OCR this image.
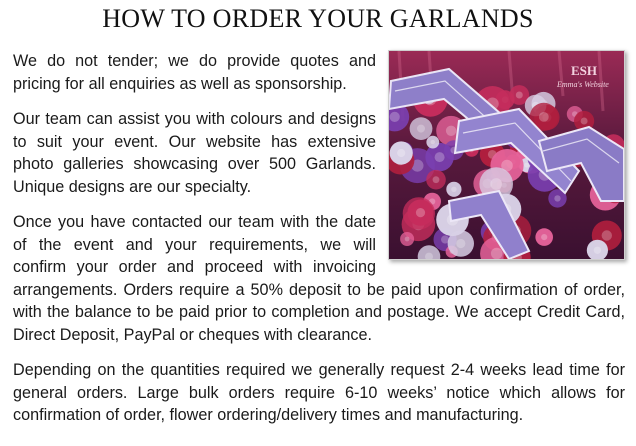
HOW TO ORDER YOUR GARLANDS
ESH
Emma's Website

We do not tender; we do provide quotes and pricing for all enquiries as well as sponsorship.

Our team can assist you with colours and designs to suit your event. Our website has extensive photo galleries showcasing over 500 Garlands. Unique designs are our specialty.

Once you have contacted our team with the date of the event and your requirements, we will confirm your order and proceed with invoicing arrangements. Orders require a 50% deposit to be paid upon confirmation of order, with the balance to be paid prior to completion and postage. We accept Credit Card, Direct Deposit, PayPal or cheques with clearance.

Depending on the quantities required we generally request 2-4 weeks lead time for general orders. Large bulk orders require 6-10 weeks’ notice which allows for confirmation of order, flower ordering/delivery times and manufacturing.
